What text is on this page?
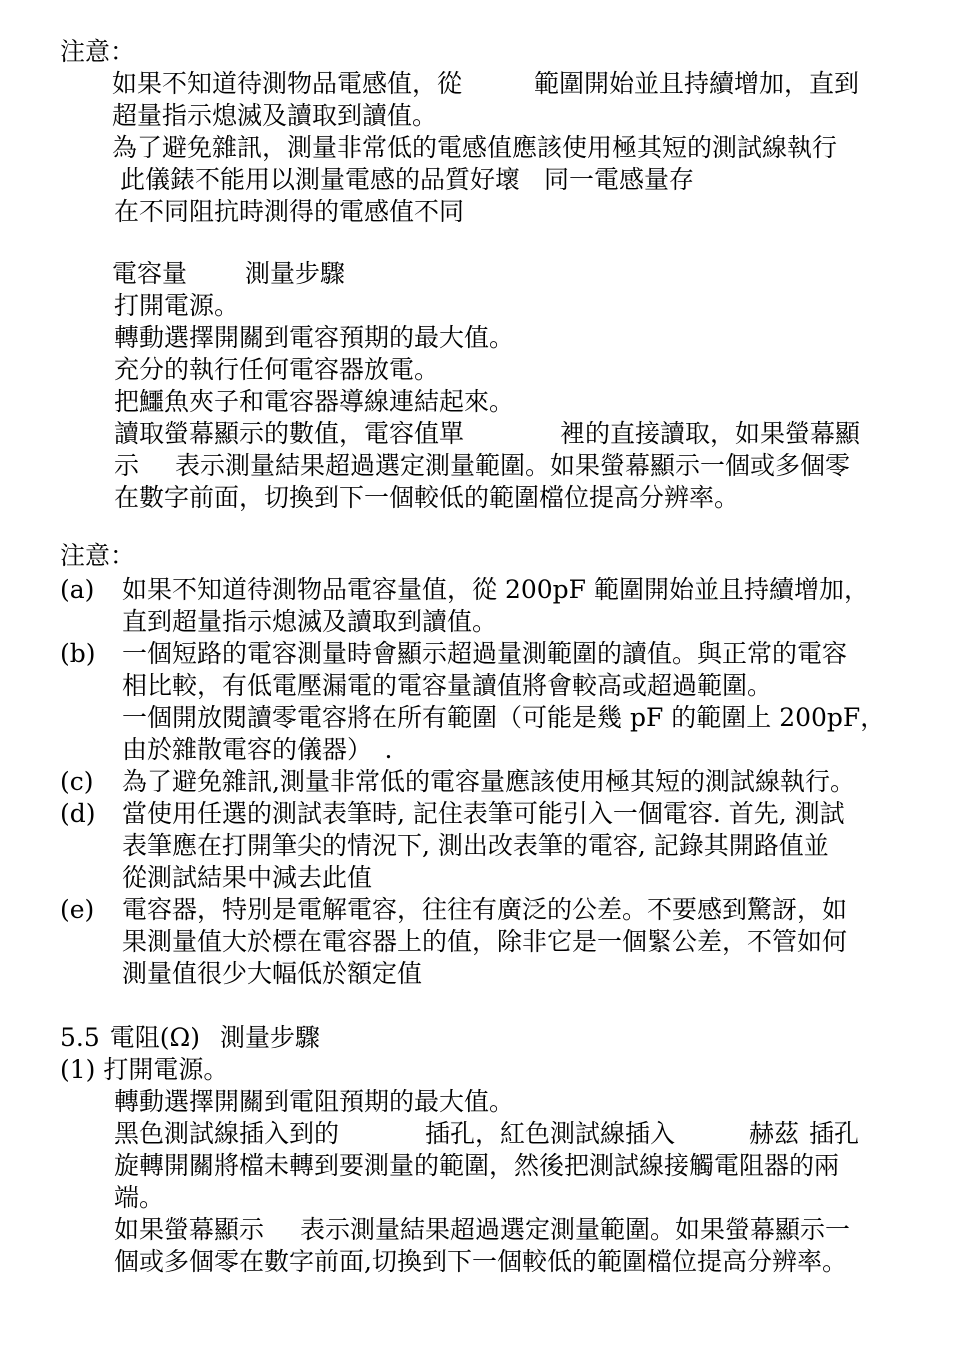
注意：
如果不知道待測物品電感值，從	範圍開始並且持續增加，直到
超量指示熄滅及讀取到讀值。
為了避免雜訊，測量非常低的電感值應該使用極其短的測試線執行
此儀錶不能用以測量電感的品質好壞 同一電感量存
在不同阻抗時測得的電感值不同
電容量 測量步驟
打開電源。
轉動選擇開關到電容預期的最大值。
充分的執行任何電容器放電。
把鱷魚夾子和電容器導線連結起來。
讀取螢幕顯示的數值，電容值單	裡的直接讀取，如果螢幕顯
示 表示測量結果超過選定測量範圍。如果螢幕顯示一個或多個零
在數字前面，切換到下一個較低的範圍檔位提高分辨率。
注意：
(a) 如果不知道待測物品電容量值，從 200pF 範圍開始並且持續增加，
直到超量指示熄滅及讀取到讀值。
(b) 一個短路的電容測量時會顯示超過量測範圍的讀值。與正常的電容
相比較，有低電壓漏電的電容量讀值將會較高或超過範圍。
一個開放閱讀零電容將在所有範圍（可能是幾 pF 的範圍上 200pF，
由於雜散電容的儀器）　.
(c) 為了避免雜訊,測量非常低的電容量應該使用極其短的測試線執行。
(d) 當使用任選的測試表筆時, 記住表筆可能引入一個電容. 首先, 測試
表筆應在打開筆尖的情況下, 測出改表筆的電容, 記錄其開路值並
從測試結果中減去此值
(e) 電容器，特別是電解電容，往往有廣泛的公差。不要感到驚訝，如
果測量值大於標在電容器上的值，除非它是一個緊公差，不管如何
測量值很少大幅低於額定值
5.5 電阻(Ω) 測量步驟
(1) 打開電源。
轉動選擇開關到電阻預期的最大值。
黑色測試線插入到的	插孔，紅色測試線插入	赫茲 插孔
旋轉開關將檔未轉到要測量的範圍，然後把測試線接觸電阻器的兩
端。
如果螢幕顯示 表示測量結果超過選定測量範圍。如果螢幕顯示一
個或多個零在數字前面,切換到下一個較低的範圍檔位提高分辨率。
